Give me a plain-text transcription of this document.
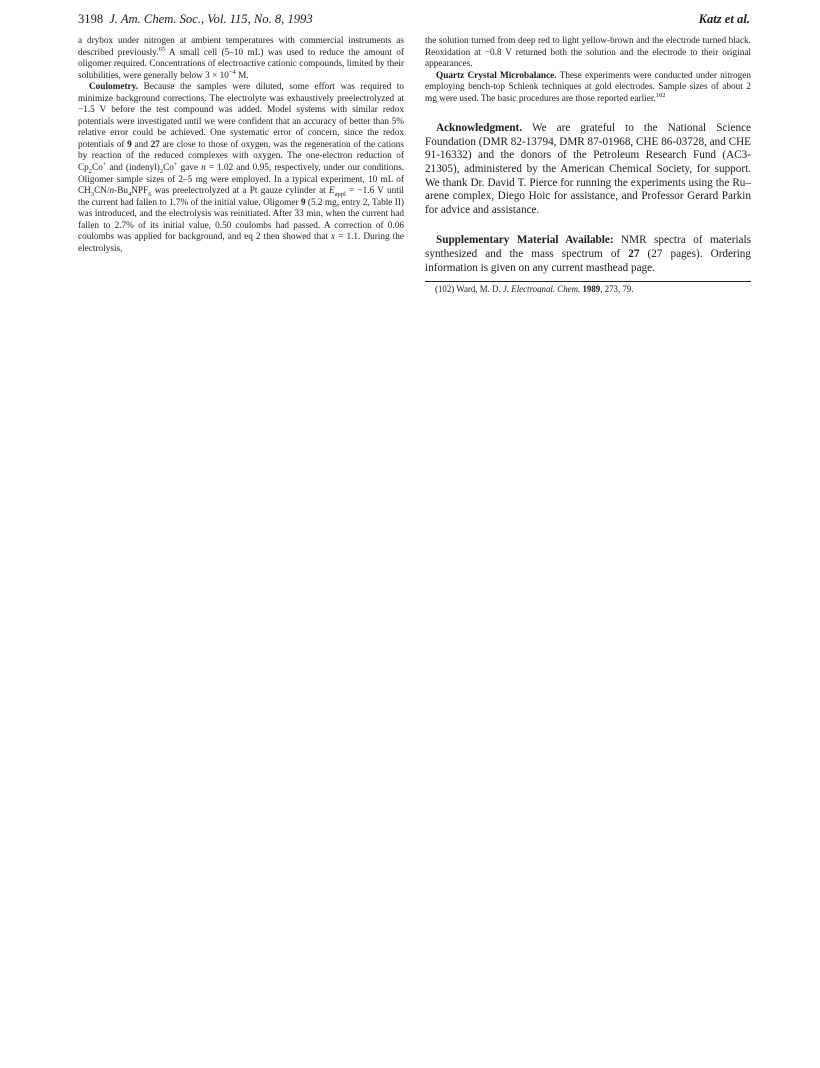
3198 J. Am. Chem. Soc., Vol. 115, No. 8, 1993	Katz et al.

a drybox under nitrogen at ambient temperatures with commercial instruments as described previously.$^{65}$ A small cell (5–10 mL) was used to reduce the amount of oligomer required. Concentrations of electroactive cationic compounds, limited by their solubilities, were generally below $3 \times 10^{-4}$ M.

Coulometry. Because the samples were diluted, some effort was required to minimize background corrections. The electrolyte was exhaustively preelectrolyzed at −1.5 V before the test compound was added. Model systems with similar redox potentials were investigated until we were confident that an accuracy of better than 5% relative error could be achieved. One systematic error of concern, since the redox potentials of 9 and 27 are close to those of oxygen, was the regeneration of the cations by reaction of the reduced complexes with oxygen. The one-electron reduction of $Cp_2Co^+$ and $(indenyl)_2Co^+$ gave n = 1.02 and 0.95, respectively, under our conditions. Oligomer sample sizes of 2–5 mg were employed. In a typical experiment, 10 mL of $CH_3CN/n-Bu_4NPF_6$ was preelectrolyzed at a Pt gauze cylinder at $E_{appl} = -1.6$ V until the current had fallen to 1.7% of the initial value. Oligomer 9 (5.2 mg, entry 2, Table II) was introduced, and the electrolysis was reinitiated. After 33 min, when the current had fallen to 2.7% of its initial value, 0.50 coulombs had passed. A correction of 0.06 coulombs was applied for background, and eq 2 then showed that x = 1.1. During the electrolysis,

the solution turned from deep red to light yellow-brown and the electrode turned black. Reoxidation at −0.8 V returned both the solution and the electrode to their original appearances.

Quartz Crystal Microbalance. These experiments were conducted under nitrogen employing bench-top Schlenk techniques at gold electrodes. Sample sizes of about 2 mg were used. The basic procedures are those reported earlier.$^{102}$

Acknowledgment. We are grateful to the National Science Foundation (DMR 82-13794, DMR 87-01968, CHE 86-03728, and CHE 91-16332) and the donors of the Petroleum Research Fund (AC3-21305), administered by the American Chemical Society, for support. We thank Dr. David T. Pierce for running the experiments using the Ru–arene complex, Diego Hoic for assistance, and Professor Gerard Parkin for advice and assistance.

Supplementary Material Available: NMR spectra of materials synthesized and the mass spectrum of 27 (27 pages). Ordering information is given on any current masthead page.

(102) Ward, M. D. J. Electroanal. Chem. 1989, 273, 79.
